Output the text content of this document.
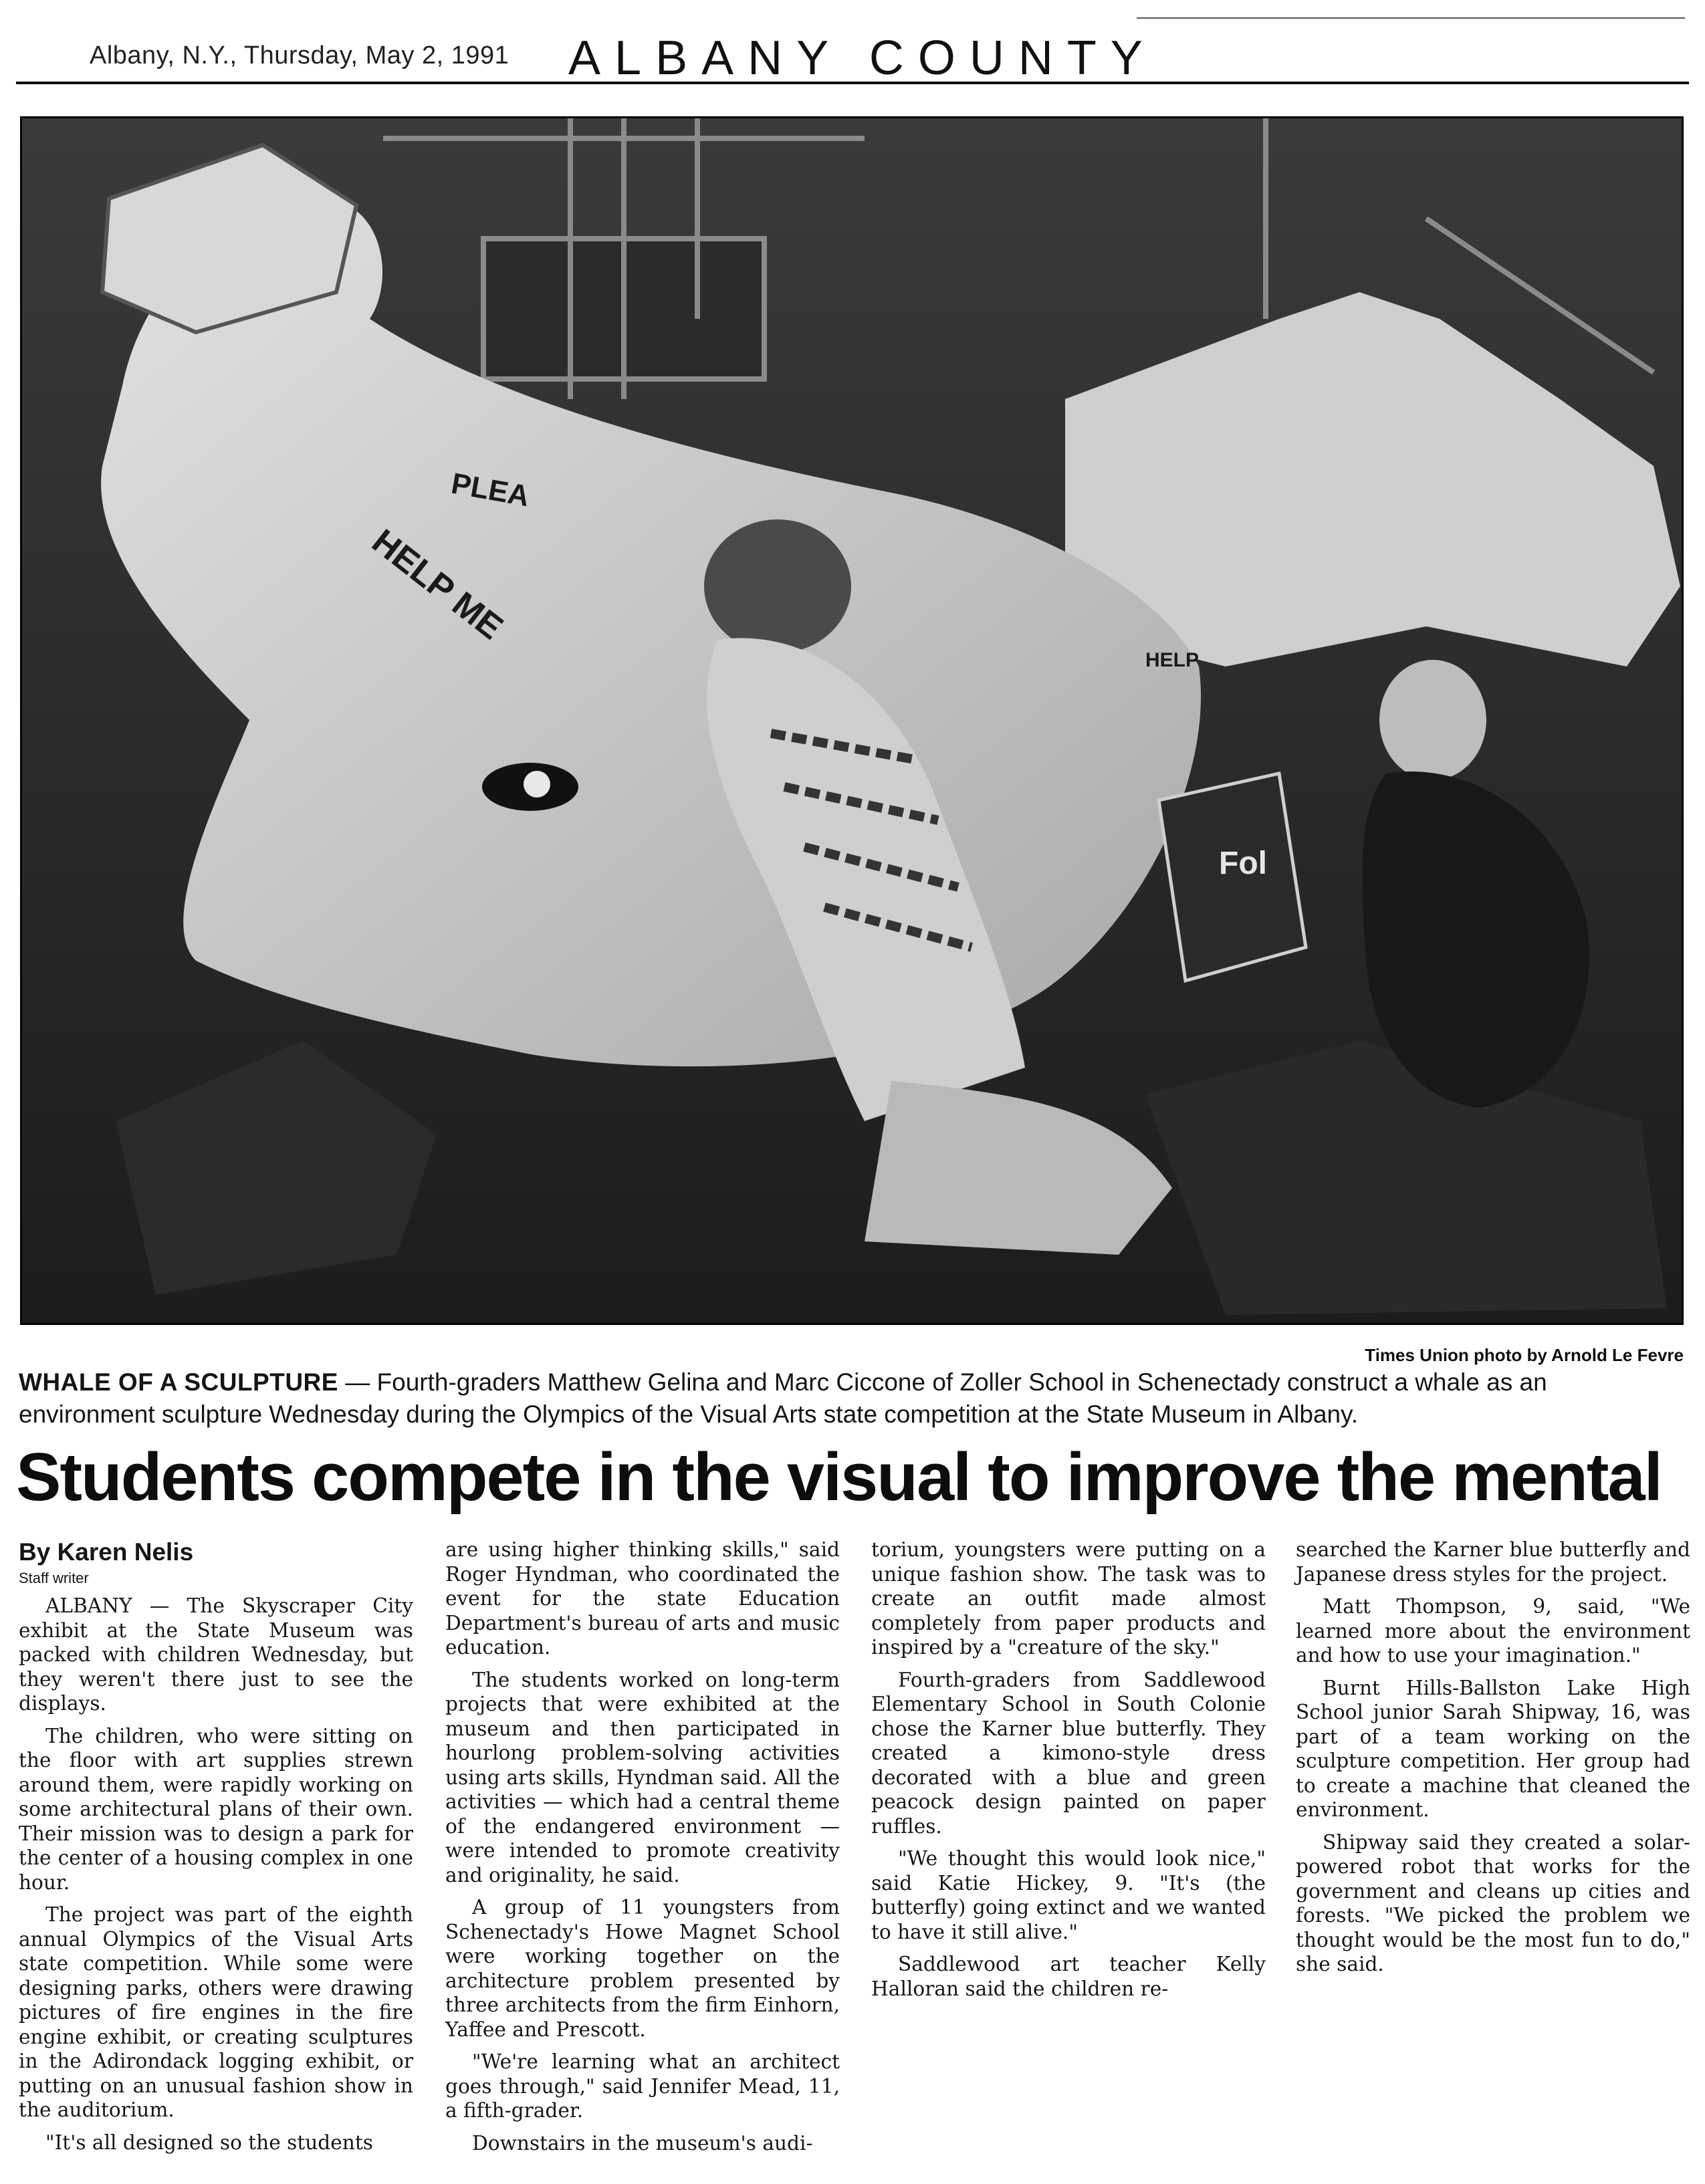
Albany, N.Y., Thursday, May 2, 1991 ALBANY COUNTY
Fol
PLEA
HELP ME
HELP
Times Union photo by Arnold Le Fevre
WHALE OF A SCULPTURE — Fourth-graders Matthew Gelina and Marc Ciccone of Zoller School in Schenectady construct a whale as an environment sculpture Wednesday during the Olympics of the Visual Arts state competition at the State Museum in Albany.
Students compete in the visual to improve the mental
By Karen Nelis
Staff writer

ALBANY — The Skyscraper City exhibit at the State Museum was packed with children Wednesday, but they weren't there just to see the displays.

The children, who were sitting on the floor with art supplies strewn around them, were rapidly working on some architectural plans of their own. Their mission was to design a park for the center of a housing complex in one hour.

The project was part of the eighth annual Olympics of the Visual Arts state competition. While some were designing parks, others were drawing pictures of fire engines in the fire engine exhibit, or creating sculptures in the Adirondack logging exhibit, or putting on an unusual fashion show in the auditorium.

"It's all designed so the students

are using higher thinking skills," said Roger Hyndman, who coordinated the event for the state Education Department's bureau of arts and music education.

The students worked on long-term projects that were exhibited at the museum and then participated in hourlong problem-solving activities using arts skills, Hyndman said. All the activities — which had a central theme of the endangered environment — were intended to promote creativity and originality, he said.

A group of 11 youngsters from Schenectady's Howe Magnet School were working together on the architecture problem presented by three architects from the firm Einhorn, Yaffee and Prescott.

"We're learning what an architect goes through," said Jennifer Mead, 11, a fifth-grader.

Downstairs in the museum's audi-

torium, youngsters were putting on a unique fashion show. The task was to create an outfit made almost completely from paper products and inspired by a "creature of the sky."

Fourth-graders from Saddlewood Elementary School in South Colonie chose the Karner blue butterfly. They created a kimono-style dress decorated with a blue and green peacock design painted on paper ruffles.

"We thought this would look nice," said Katie Hickey, 9. "It's (the butterfly) going extinct and we wanted to have it still alive."

Saddlewood art teacher Kelly Halloran said the children re-

searched the Karner blue butterfly and Japanese dress styles for the project.

Matt Thompson, 9, said, "We learned more about the environment and how to use your imagination."

Burnt Hills-Ballston Lake High School junior Sarah Shipway, 16, was part of a team working on the sculpture competition. Her group had to create a machine that cleaned the environment.

Shipway said they created a solar-powered robot that works for the government and cleans up cities and forests. "We picked the problem we thought would be the most fun to do," she said.
